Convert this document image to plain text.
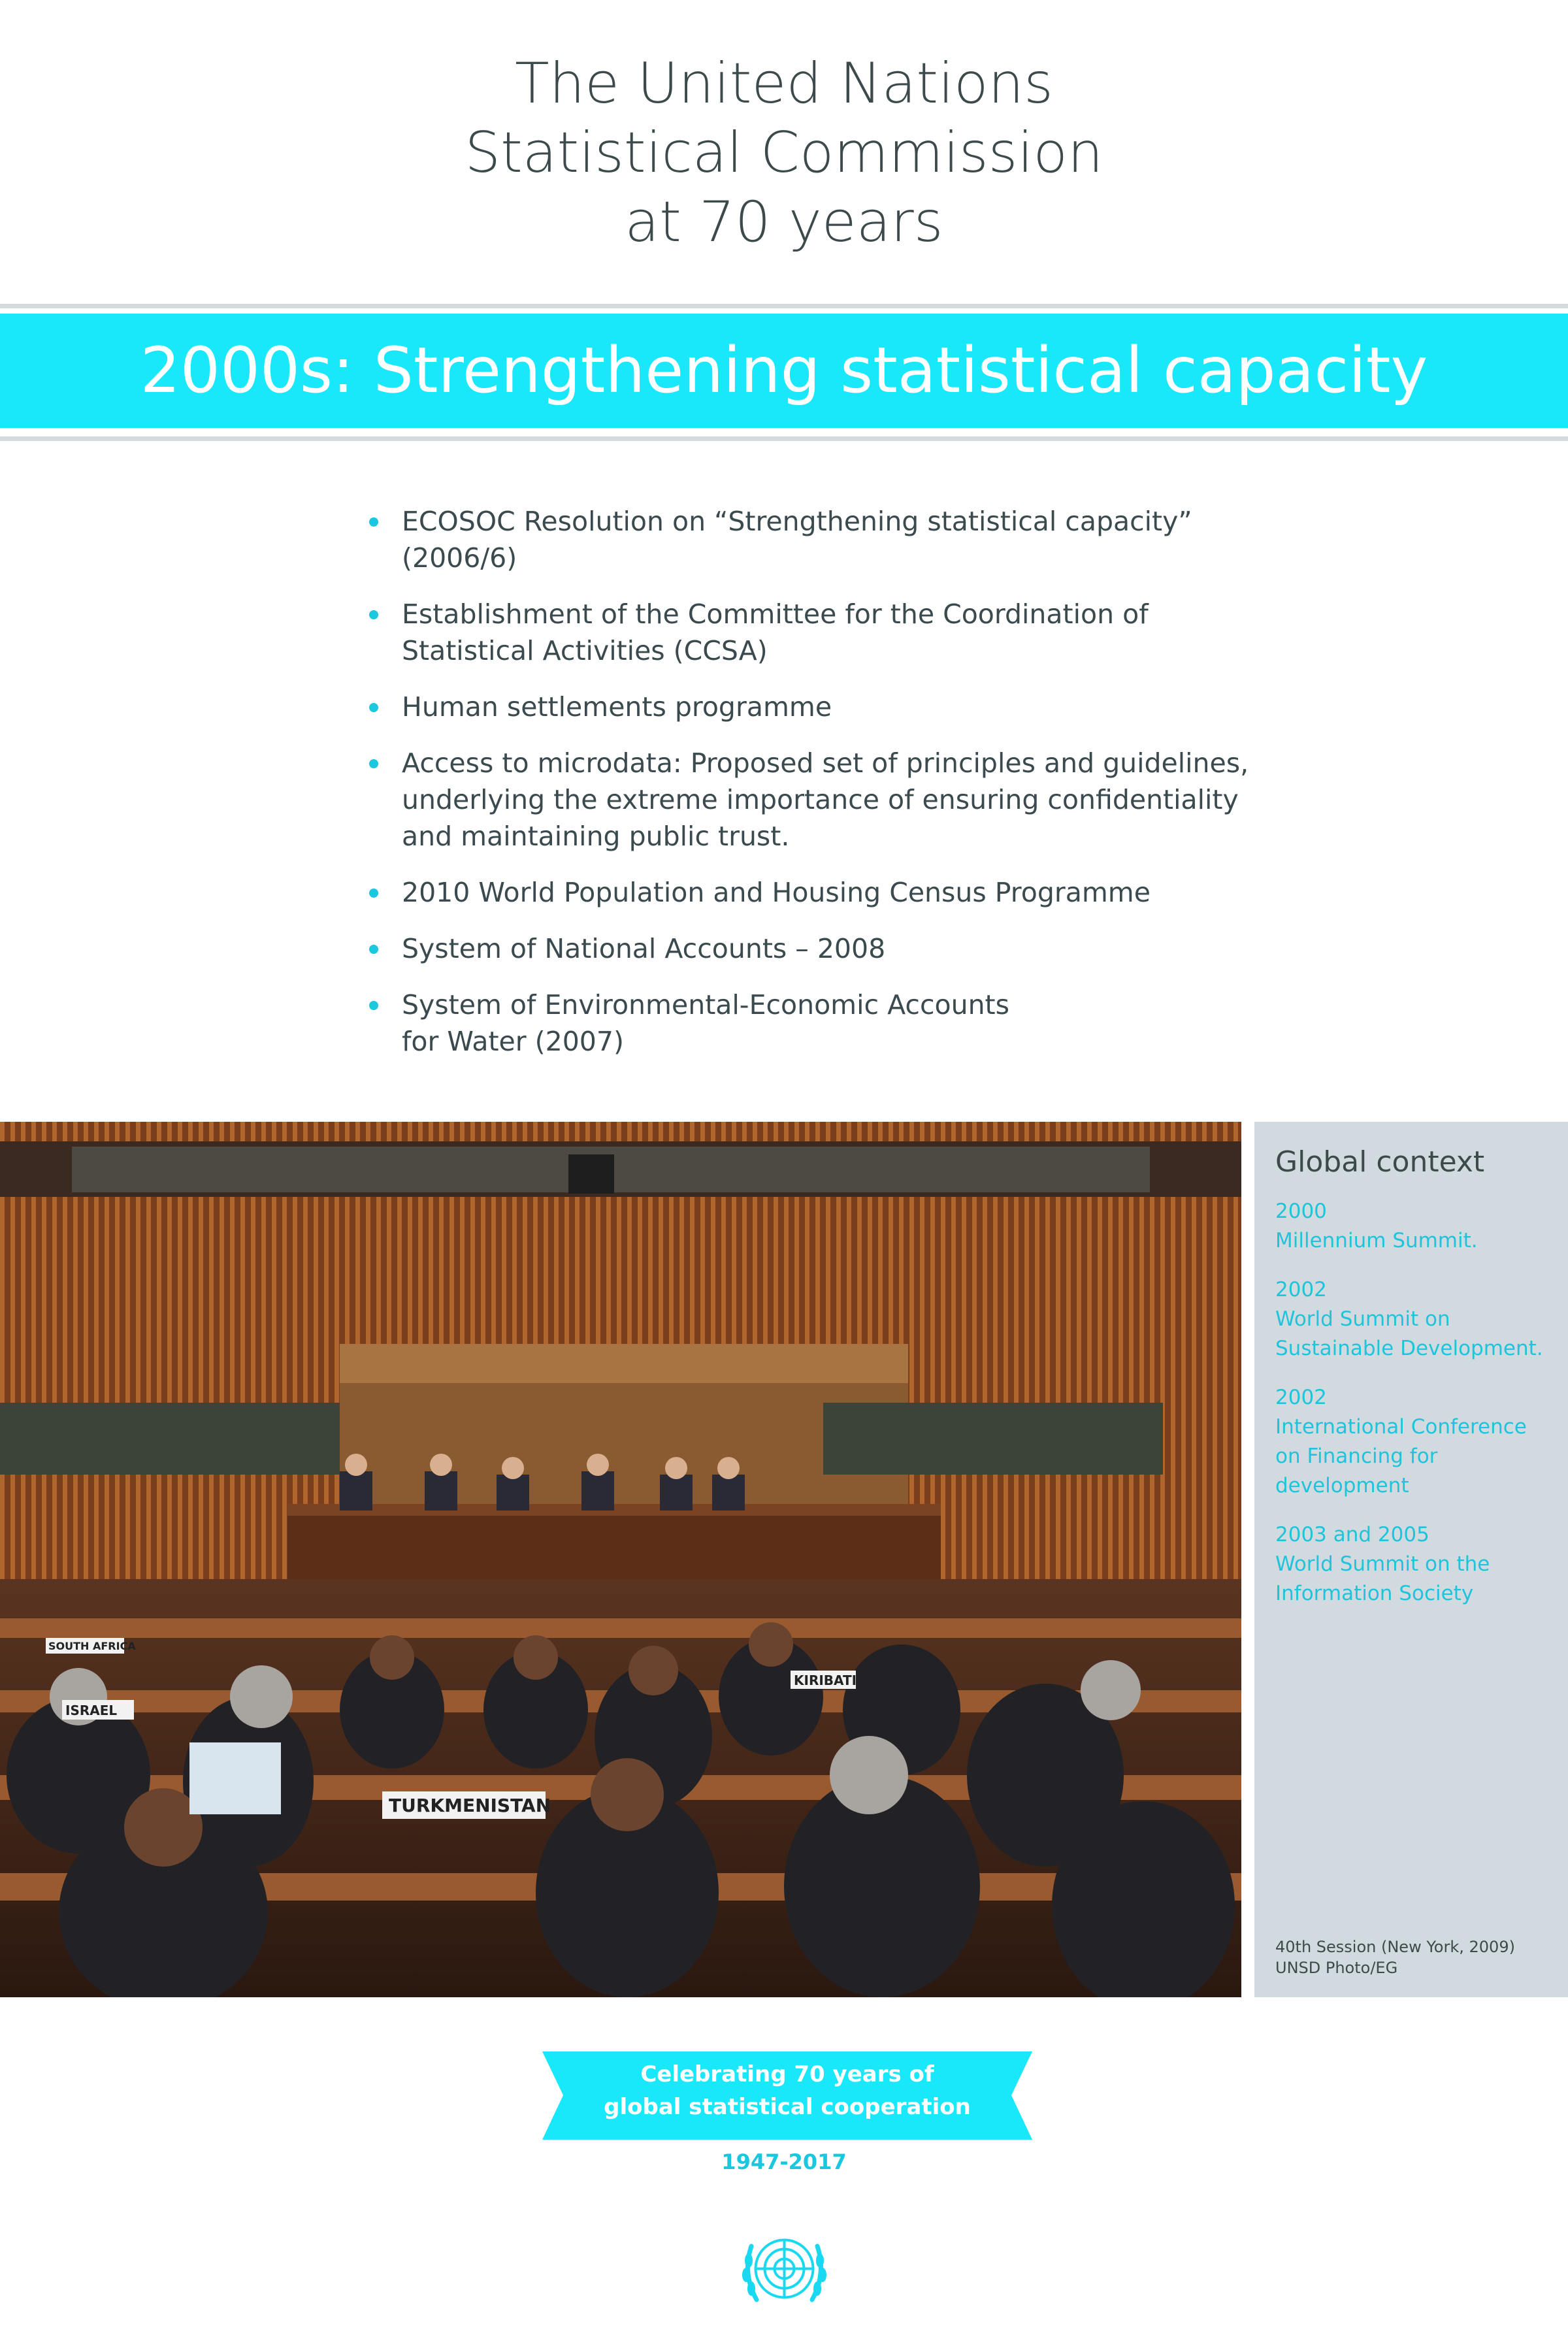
The United Nations
Statistical Commission
at 70 years
2000s: Strengthening statistical capacity
ECOSOC Resolution on “Strengthening statistical capacity”
(2006/6)
Establishment of the Committee for the Coordination of
Statistical Activities (CCSA)
Human settlements programme
Access to microdata: Proposed set of principles and guidelines,
underlying the extreme importance of ensuring confidentiality
and maintaining public trust.
2010 World Population and Housing Census Programme
System of National Accounts – 2008
System of Environmental-Economic Accounts
for Water (2007)
TURKMENISTAN
ISRAEL
KIRIBATI
SOUTH AFRICA
Global context
2000
Millennium Summit.
2002
World Summit on
Sustainable Development.
2002
International Conference
on Financing for
development
2003 and 2005
World Summit on the
Information Society
40th Session (New York, 2009)
UNSD Photo/EG
Celebrating 70 years of
global statistical cooperation
1947-2017
